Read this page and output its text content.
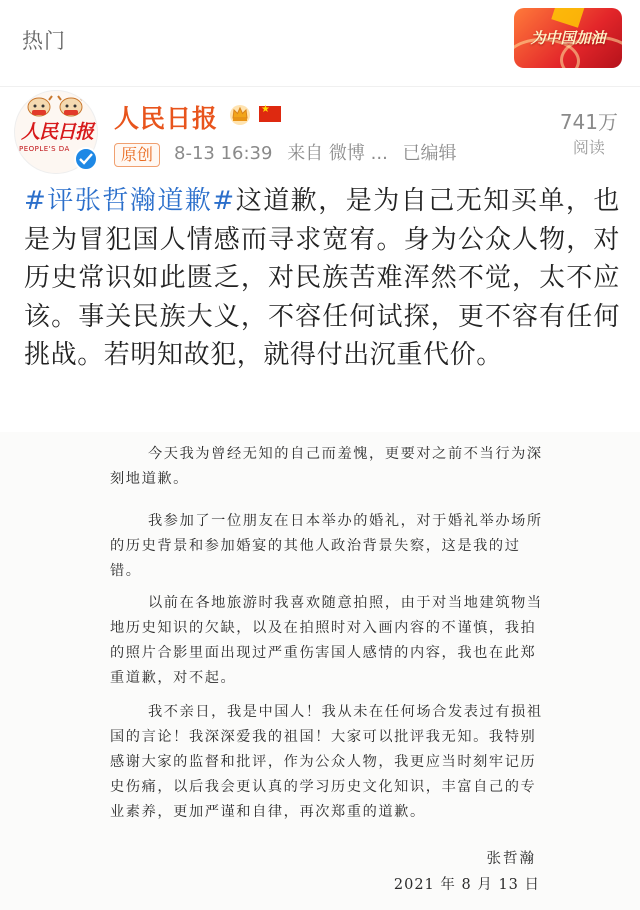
热门	为中国加油
人民日报
PEOPLE'S DA
人民日报	★
原创	8-13 16:39 来自 微博 ... 已编辑
741万
阅读
#评张哲瀚道歉#这道歉，是为自己无知买单，也是为冒犯国人情感而寻求宽宥。身为公众人物，对历史常识如此匮乏，对民族苦难浑然不觉，太不应该。事关民族大义，不容任何试探，更不容有任何挑战。若明知故犯，就得付出沉重代价。
今天我为曾经无知的自己而羞愧，更要对之前不当行为深刻地道歉。
我参加了一位朋友在日本举办的婚礼，对于婚礼举办场所的历史背景和参加婚宴的其他人政治背景失察，这是我的过错。
以前在各地旅游时我喜欢随意拍照，由于对当地建筑物当地历史知识的欠缺，以及在拍照时对入画内容的不谨慎，我拍的照片合影里面出现过严重伤害国人感情的内容，我也在此郑重道歉，对不起。
我不亲日，我是中国人！我从未在任何场合发表过有损祖国的言论！我深深爱我的祖国！大家可以批评我无知。我特别感谢大家的监督和批评，作为公众人物，我更应当时刻牢记历史伤痛，以后我会更认真的学习历史文化知识，丰富自己的专业素养，更加严谨和自律，再次郑重的道歉。
张哲瀚
2021 年 8 月 13 日
